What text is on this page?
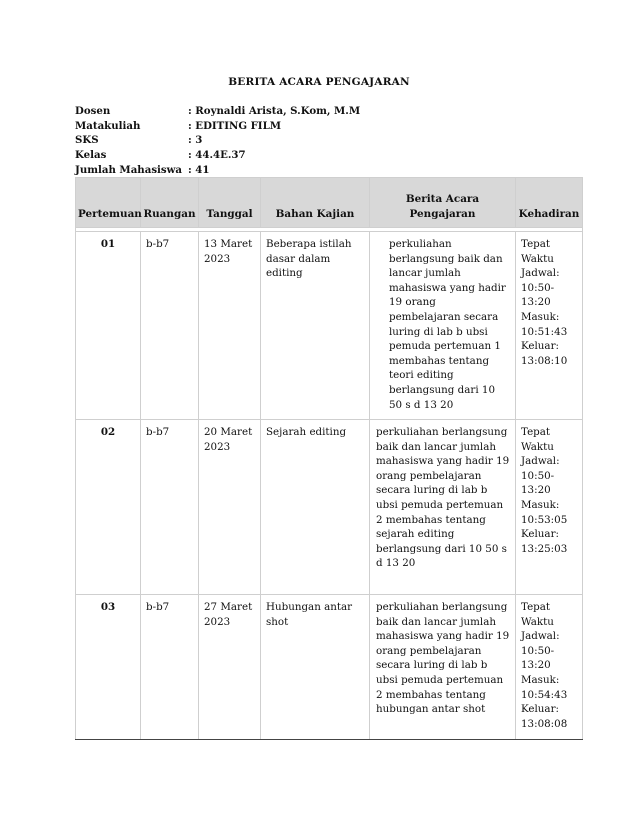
BERITA ACARA PENGAJARAN
Dosen	: Roynaldi Arista, S.Kom, M.M
Matakuliah	: EDITING FILM
SKS	: 3
Kelas	: 44.4E.37
Jumlah Mahasiswa : 41
Pertemuan	Ruangan	Tanggal	Bahan Kajian	Berita Acara Pengajaran	Kehadiran

01	b-b7	13 Maret 2023	Beberapa istilah dasar dalam editing	perkuliahan berlangsung baik dan lancar jumlah mahasiswa yang hadir 19 orang pembelajaran secara luring di lab b ubsi pemuda pertemuan 1 membahas tentang teori editing berlangsung dari 10 50 s d 13 20	Tepat Waktu Jadwal: 10:50- 13:20 Masuk: 10:51:43 Keluar: 13:08:10
02	b-b7	20 Maret 2023	Sejarah editing	perkuliahan berlangsung baik dan lancar jumlah mahasiswa yang hadir 19 orang pembelajaran secara luring di lab b ubsi pemuda pertemuan 2 membahas tentang sejarah editing berlangsung dari 10 50 s d 13 20	Tepat Waktu Jadwal: 10:50- 13:20 Masuk: 10:53:05 Keluar: 13:25:03
03	b-b7	27 Maret 2023	Hubungan antar shot	perkuliahan berlangsung baik dan lancar jumlah mahasiswa yang hadir 19 orang pembelajaran secara luring di lab b ubsi pemuda pertemuan 2 membahas tentang hubungan antar shot	Tepat Waktu Jadwal: 10:50- 13:20 Masuk: 10:54:43 Keluar: 13:08:08
